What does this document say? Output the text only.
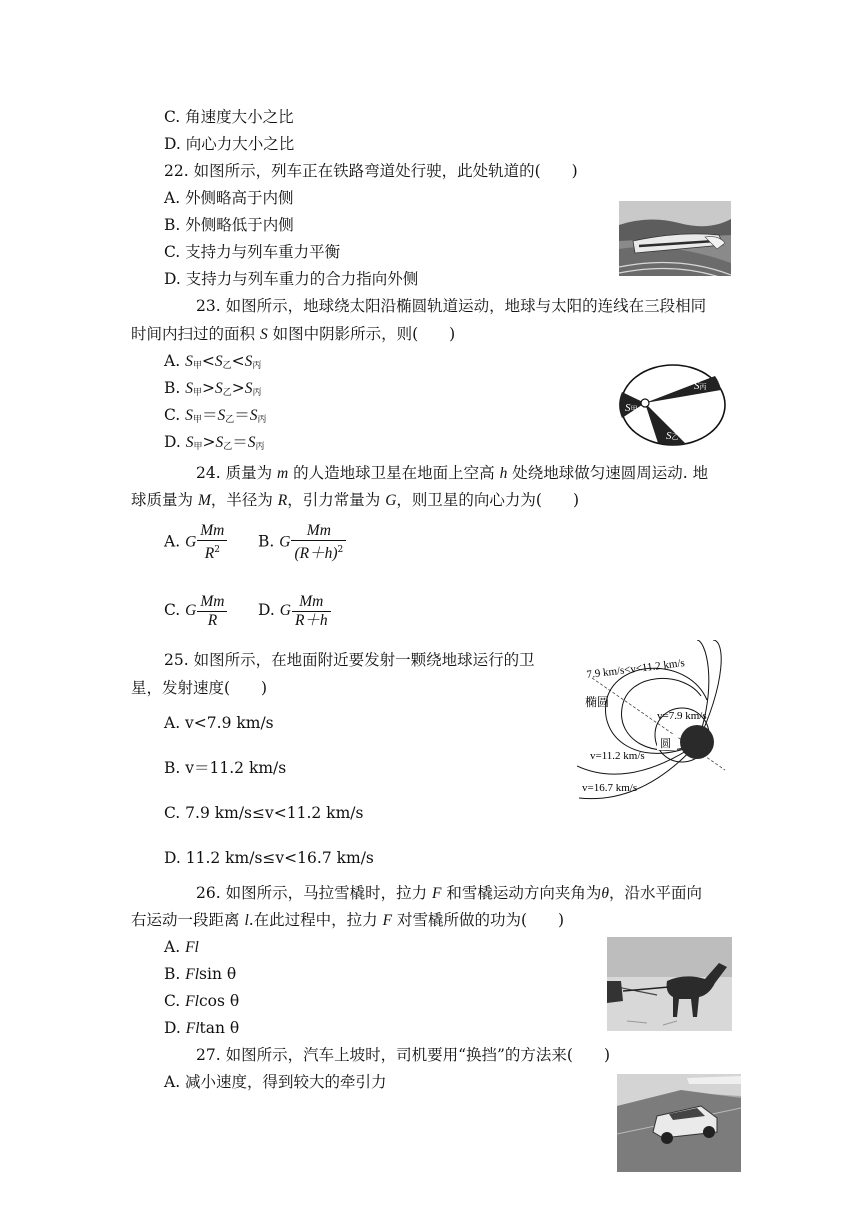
C. 角速度大小之比
D. 向心力大小之比
22. 如图所示，列车正在铁路弯道处行驶，此处轨道的(　　)
A. 外侧略高于内侧
B. 外侧略低于内侧
C. 支持力与列车重力平衡
D. 支持力与列车重力的合力指向外侧
23. 如图所示，地球绕太阳沿椭圆轨道运动，地球与太阳的连线在三段相同
时间内扫过的面积 S 如图中阴影所示，则(　　)
A. $S_甲<S_乙<S_丙$
B. $S_甲>S_乙>S_丙$
C. $S_甲=S_乙=S_丙$
D. $S_甲>S_乙=S_丙$
S甲
S丙
S乙
24. 质量为 m 的人造地球卫星在地面上空高 h 处绕地球做匀速圆周运动. 地
球质量为 M，半径为 R，引力常量为 G，则卫星的向心力为(　　)
A. G $\frac{Mm}{R^2} B$. G $\frac{Mm}{(R+h)^2}$
C. G $\frac{Mm}{R} D$. G $\frac{Mm}{R+h}$
25. 如图所示，在地面附近要发射一颗绕地球运行的卫
星，发射速度(　　)
A. v<7.9 km/s
B. v＝11.2 km/s
C. 7.9 km/s≤v<11.2 km/s
D. 11.2 km/s≤v<16.7 km/s
7.9 km/s<v<11.2 km/s
椭圆
v=7.9 km/s
圆
v=11.2 km/s
v=16.7 km/s
26. 如图所示，马拉雪橇时，拉力 F 和雪橇运动方向夹角为θ，沿水平面向
右运动一段距离 l.在此过程中，拉力 F 对雪橇所做的功为(　　)
A. Fl
B. Flsin θ
C. Flcos θ
D. Fltan θ
27. 如图所示，汽车上坡时，司机要用“换挡”的方法来(　　)
A. 减小速度，得到较大的牵引力
